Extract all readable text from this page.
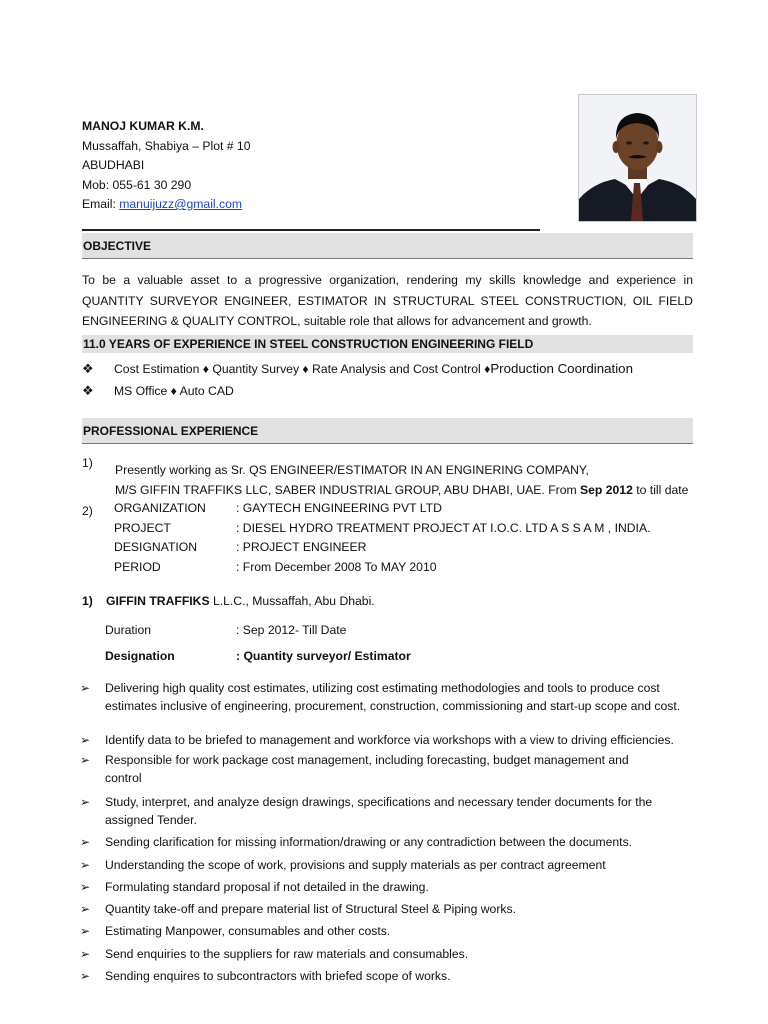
MANOJ KUMAR K.M.
Mussaffah, Shabiya – Plot # 10
ABUDHABI
Mob: 055-61 30 290
Email: manuijuzz@gmail.com
OBJECTIVE
To be a valuable asset to a progressive organization, rendering my skills knowledge and experience in QUANTITY SURVEYOR ENGINEER, ESTIMATOR IN STRUCTURAL STEEL CONSTRUCTION, OIL FIELD ENGINEERING & QUALITY CONTROL, suitable role that allows for advancement and growth.
11.0 YEARS OF EXPERIENCE IN STEEL CONSTRUCTION ENGINEERING FIELD
❖ Cost Estimation ♦ Quantity Survey ♦ Rate Analysis and Cost Control ♦Production Coordination
❖ MS Office ♦ Auto CAD
PROFESSIONAL EXPERIENCE
1) Presently working as Sr. QS ENGINEER/ESTIMATOR IN AN ENGINERING COMPANY,
M/S GIFFIN TRAFFIKS LLC, SABER INDUSTRIAL GROUP, ABU DHABI, UAE. From Sep 2012 to till date
2) ORGANIZATION : GAYTECH ENGINEERING PVT LTD
PROJECT	: DIESEL HYDRO TREATMENT PROJECT AT I.O.C. LTD A S S A M , INDIA.
DESIGNATION	: PROJECT ENGINEER
PERIOD	: From December 2008 To MAY 2010
1) GIFFIN TRAFFIKS L.L.C., Mussaffah, Abu Dhabi.
Duration	: Sep 2012- Till Date
Designation	: Quantity surveyor/ Estimator
➢	Delivering high quality cost estimates, utilizing cost estimating methodologies and tools to produce cost estimates inclusive of engineering, procurement, construction, commissioning and start-up scope and cost.
➢	Identify data to be briefed to management and workforce via workshops with a view to driving efficiencies.
➢	Responsible for work package cost management, including forecasting, budget management and control
➢	Study, interpret, and analyze design drawings, specifications and necessary tender documents for the assigned Tender.
➢	Sending clarification for missing information/drawing or any contradiction between the documents.
➢	Understanding the scope of work, provisions and supply materials as per contract agreement
➢	Formulating standard proposal if not detailed in the drawing.
➢	Quantity take-off and prepare material list of Structural Steel & Piping works.
➢	Estimating Manpower, consumables and other costs.
➢	Send enquiries to the suppliers for raw materials and consumables.
➢	Sending enquires to subcontractors with briefed scope of works.
